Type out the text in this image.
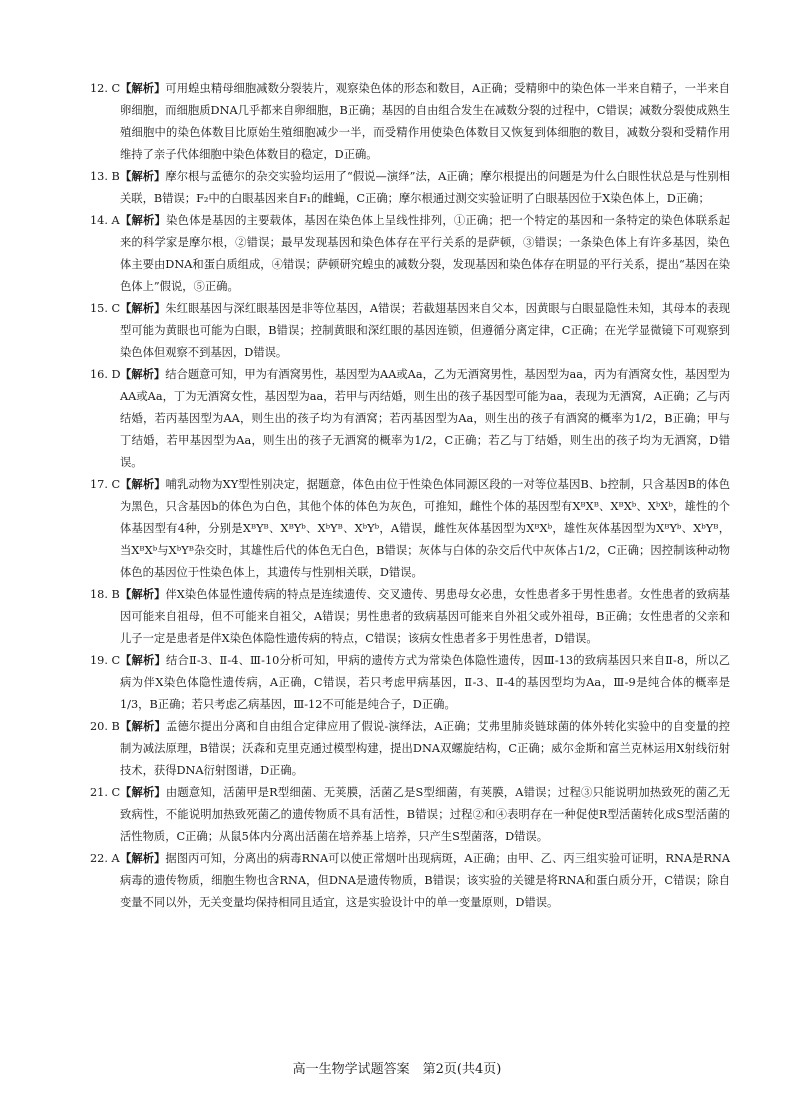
12. C 【解析】可用蝗虫精母细胞减数分裂装片，观察染色体的形态和数目，A正确；受精卵中的染色体一半来自精子，一半来自卵细胞，而细胞质DNA几乎都来自卵细胞，B正确；基因的自由组合发生在减数分裂的过程中，C错误；减数分裂使成熟生殖细胞中的染色体数目比原始生殖细胞减少一半，而受精作用使染色体数目又恢复到体细胞的数目，减数分裂和受精作用维持了亲子代体细胞中染色体数目的稳定，D正确。
13. B 【解析】摩尔根与孟德尔的杂交实验均运用了“假说—演绎”法，A正确；摩尔根提出的问题是为什么白眼性状总是与性别相关联，B错误；F₂中的白眼基因来自F₁的雌蝇，C正确；摩尔根通过测交实验证明了白眼基因位于X染色体上，D正确；
14. A 【解析】染色体是基因的主要载体，基因在染色体上呈线性排列，①正确；把一个特定的基因和一条特定的染色体联系起来的科学家是摩尔根，②错误；最早发现基因和染色体存在平行关系的是萨顿，③错误；一条染色体上有许多基因，染色体主要由DNA和蛋白质组成，④错误；萨顿研究蝗虫的减数分裂，发现基因和染色体存在明显的平行关系，提出“基因在染色体上”假说，⑤正确。
15. C 【解析】朱红眼基因与深红眼基因是非等位基因，A错误；若截翅基因来自父本，因黄眼与白眼显隐性未知，其母本的表现型可能为黄眼也可能为白眼，B错误；控制黄眼和深红眼的基因连锁，但遵循分离定律，C正确；在光学显微镜下可观察到染色体但观察不到基因，D错误。
16. D 【解析】结合题意可知，甲为有酒窝男性，基因型为AA或Aa，乙为无酒窝男性，基因型为aa，丙为有酒窝女性，基因型为AA或Aa，丁为无酒窝女性，基因型为aa，若甲与丙结婚，则生出的孩子基因型可能为aa，表现为无酒窝，A正确；乙与丙结婚，若丙基因型为AA，则生出的孩子均为有酒窝；若丙基因型为Aa，则生出的孩子有酒窝的概率为1/2，B正确；甲与丁结婚，若甲基因型为Aa，则生出的孩子无酒窝的概率为1/2，C正确；若乙与丁结婚，则生出的孩子均为无酒窝，D错误。
17. C 【解析】哺乳动物为XY型性别决定，据题意，体色由位于性染色体同源区段的一对等位基因B、b控制，只含基因B的体色为黑色，只含基因b的体色为白色，其他个体的体色为灰色，可推知，雌性个体的基因型有XᴮXᴮ、XᴮXᵇ、XᵇXᵇ，雄性的个体基因型有4种，分别是XᴮYᴮ、XᴮYᵇ、XᵇYᴮ、XᵇYᵇ，A错误，雌性灰体基因型为XᴮXᵇ，雄性灰体基因型为XᴮYᵇ、XᵇYᴮ，当XᴮXᵇ与XᵇYᴮ杂交时，其雄性后代的体色无白色，B错误；灰体与白体的杂交后代中灰体占1/2，C正确；因控制该种动物体色的基因位于性染色体上，其遗传与性别相关联，D错误。
18. B 【解析】伴X染色体显性遗传病的特点是连续遗传、交叉遗传、男患母女必患，女性患者多于男性患者。女性患者的致病基因可能来自祖母，但不可能来自祖父，A错误；男性患者的致病基因可能来自外祖父或外祖母，B正确；女性患者的父亲和儿子一定是患者是伴X染色体隐性遗传病的特点，C错误；该病女性患者多于男性患者，D错误。
19. C 【解析】结合Ⅱ-3、Ⅱ-4、Ⅲ-10分析可知，甲病的遗传方式为常染色体隐性遗传，因Ⅲ-13的致病基因只来自Ⅱ-8，所以乙病为伴X染色体隐性遗传病，A正确，C错误，若只考虑甲病基因，Ⅱ-3、Ⅱ-4的基因型均为Aa，Ⅲ-9是纯合体的概率是1/3，B正确；若只考虑乙病基因，Ⅲ-12不可能是纯合子，D正确。
20. B 【解析】孟德尔提出分离和自由组合定律应用了假说-演绎法，A正确；艾弗里肺炎链球菌的体外转化实验中的自变量的控制为减法原理，B错误；沃森和克里克通过模型构建，提出DNA双螺旋结构，C正确；威尔金斯和富兰克林运用X射线衍射技术，获得DNA衍射图谱，D正确。
21. C 【解析】由题意知，活菌甲是R型细菌、无荚膜，活菌乙是S型细菌，有荚膜，A错误；过程③只能说明加热致死的菌乙无致病性，不能说明加热致死菌乙的遗传物质不具有活性，B错误；过程②和④表明存在一种促使R型活菌转化成S型活菌的活性物质，C正确；从鼠5体内分离出活菌在培养基上培养，只产生S型菌落，D错误。
22. A 【解析】据图丙可知，分离出的病毒RNA可以使正常烟叶出现病斑，A正确；由甲、乙、丙三组实验可证明，RNA是RNA病毒的遗传物质，细胞生物也含RNA，但DNA是遗传物质，B错误；该实验的关键是将RNA和蛋白质分开，C错误；除自变量不同以外，无关变量均保持相同且适宜，这是实验设计中的单一变量原则，D错误。
高一生物学试题答案　第2页(共4页)
